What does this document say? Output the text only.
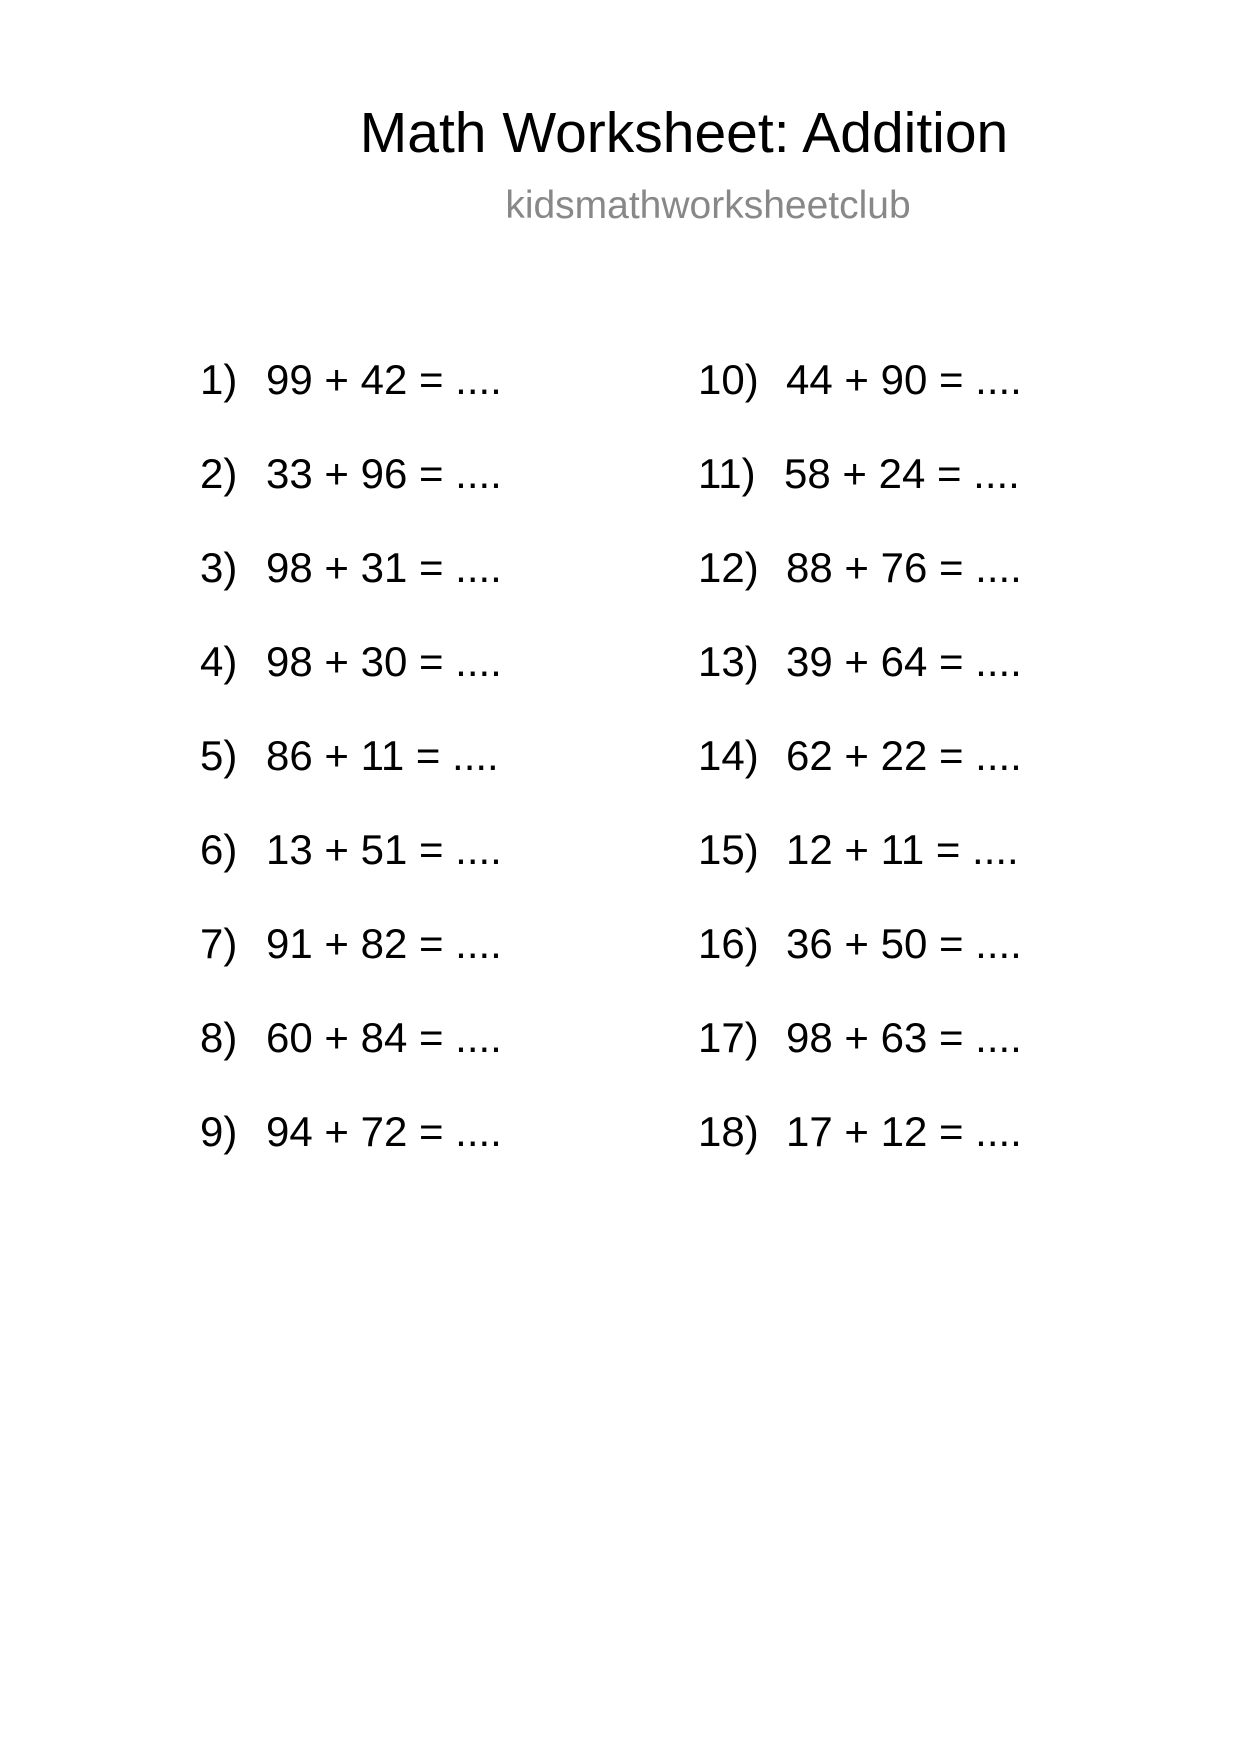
Math Worksheet: Addition
kidsmathworksheetclub
1) 99 + 42 = ....
2) 33 + 96 = ....
3) 98 + 31 = ....
4) 98 + 30 = ....
5) 86 + 11 = ....
6) 13 + 51 = ....
7) 91 + 82 = ....
8) 60 + 84 = ....
9) 94 + 72 = ....
10) 44 + 90 = ....
11) 58 + 24 = ....
12) 88 + 76 = ....
13) 39 + 64 = ....
14) 62 + 22 = ....
15) 12 + 11 = ....
16) 36 + 50 = ....
17) 98 + 63 = ....
18) 17 + 12 = ....
